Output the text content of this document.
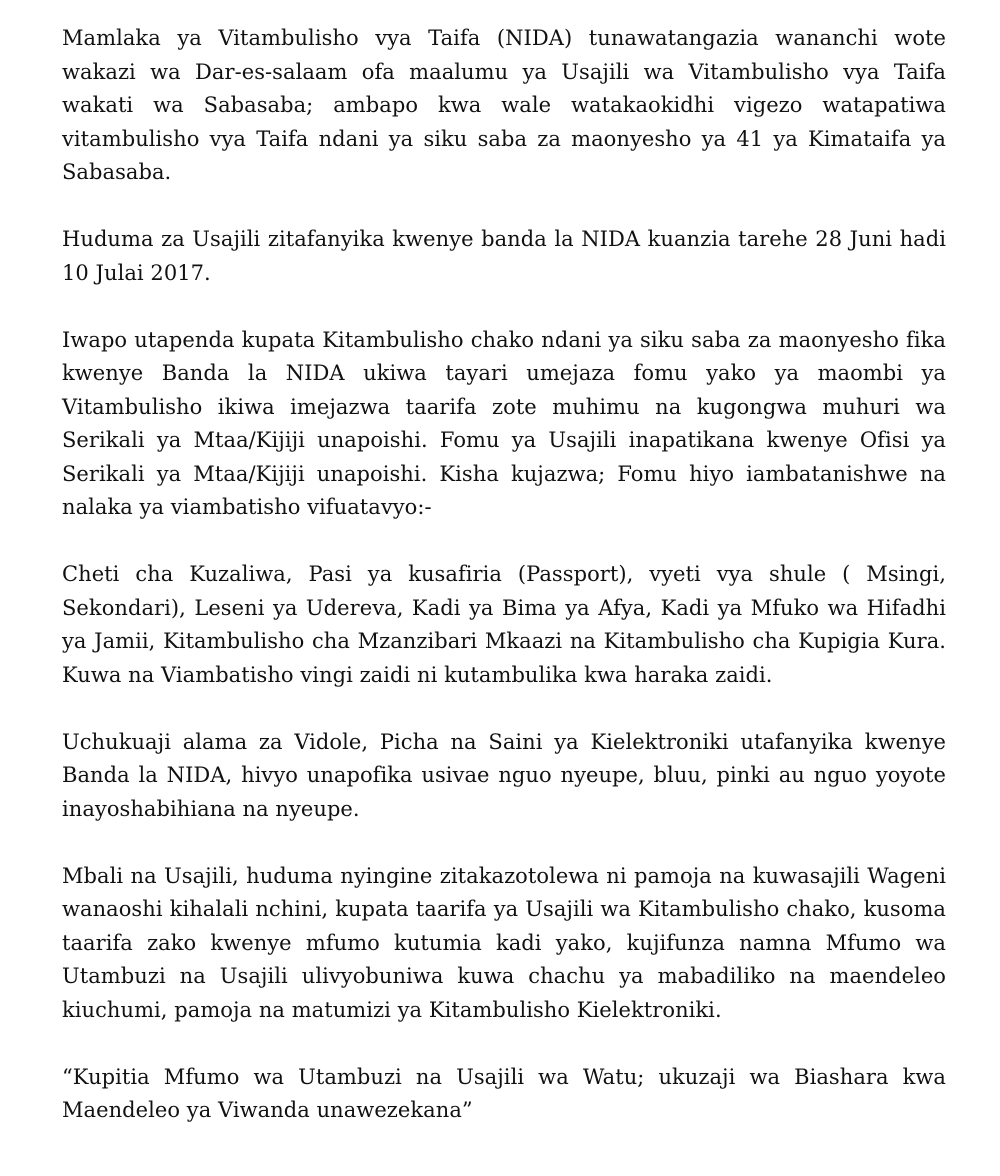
Mamlaka ya Vitambulisho vya Taifa (NIDA) tunawatangazia wananchi wote wakazi wa Dar-es-salaam ofa maalumu ya Usajili wa Vitambulisho vya Taifa wakati wa Sabasaba; ambapo kwa wale watakaokidhi vigezo watapatiwa vitambulisho vya Taifa ndani ya siku saba za maonyesho ya 41 ya Kimataifa ya Sabasaba.

Huduma za Usajili zitafanyika kwenye banda la NIDA kuanzia tarehe 28 Juni hadi 10 Julai 2017.

Iwapo utapenda kupata Kitambulisho chako ndani ya siku saba za maonyesho fika kwenye Banda la NIDA ukiwa tayari umejaza fomu yako ya maombi ya Vitambulisho ikiwa imejazwa taarifa zote muhimu na kugongwa muhuri wa Serikali ya Mtaa/Kijiji unapoishi. Fomu ya Usajili inapatikana kwenye Ofisi ya Serikali ya Mtaa/Kijiji unapoishi. Kisha kujazwa; Fomu hiyo iambatanishwe na nalaka ya viambatisho vifuatavyo:-

Cheti cha Kuzaliwa, Pasi ya kusafiria (Passport), vyeti vya shule ( Msingi, Sekondari), Leseni ya Udereva, Kadi ya Bima ya Afya, Kadi ya Mfuko wa Hifadhi ya Jamii, Kitambulisho cha Mzanzibari Mkaazi na Kitambulisho cha Kupigia Kura. Kuwa na Viambatisho vingi zaidi ni kutambulika kwa haraka zaidi.

Uchukuaji alama za Vidole, Picha na Saini ya Kielektroniki utafanyika kwenye Banda la NIDA, hivyo unapofika usivae nguo nyeupe, bluu, pinki au nguo yoyote inayoshabihiana na nyeupe.

Mbali na Usajili, huduma nyingine zitakazotolewa ni pamoja na kuwasajili Wageni wanaoshi kihalali nchini, kupata taarifa ya Usajili wa Kitambulisho chako, kusoma taarifa zako kwenye mfumo kutumia kadi yako, kujifunza namna Mfumo wa Utambuzi na Usajili ulivyobuniwa kuwa chachu ya mabadiliko na maendeleo kiuchumi, pamoja na matumizi ya Kitambulisho Kielektroniki.

“Kupitia Mfumo wa Utambuzi na Usajili wa Watu; ukuzaji wa Biashara kwa Maendeleo ya Viwanda unawezekana”
